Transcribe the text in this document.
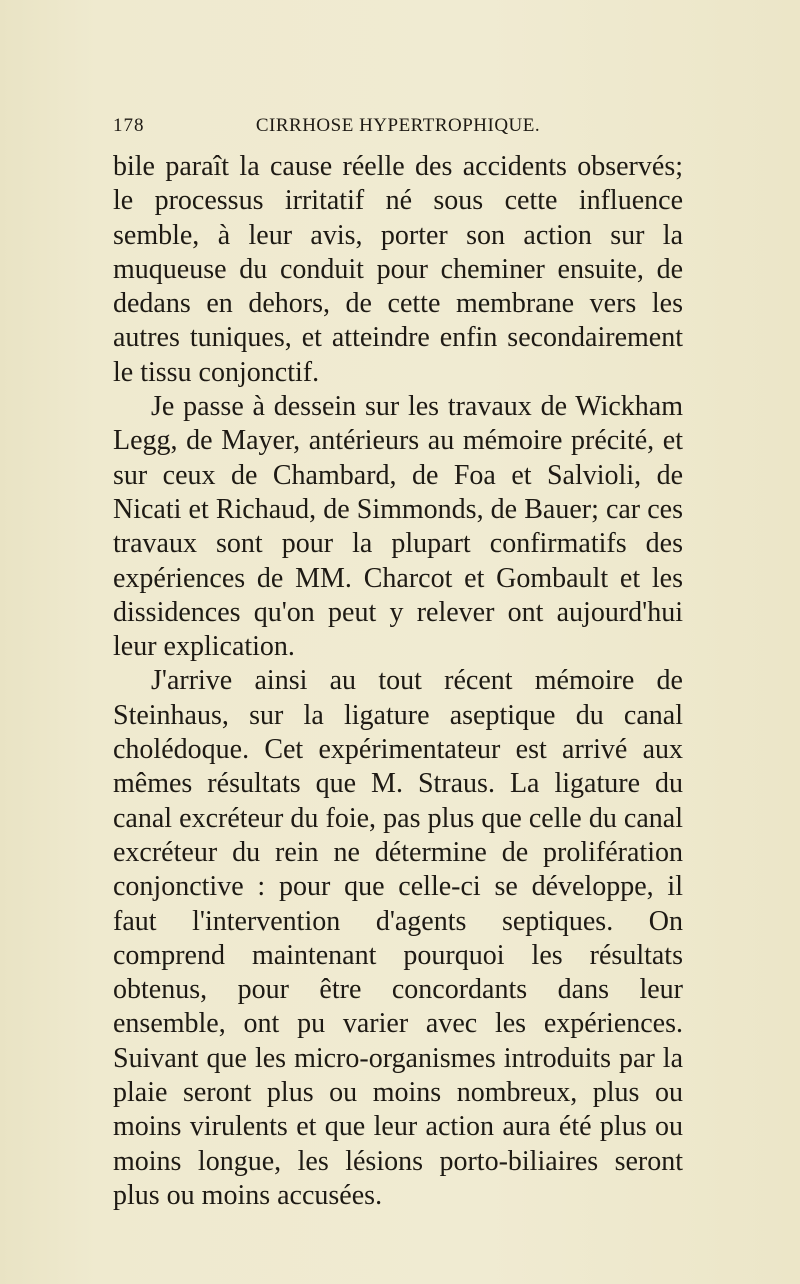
178	CIRRHOSE HYPERTROPHIQUE.

bile paraît la cause réelle des accidents observés; le processus irritatif né sous cette influence semble, à leur avis, porter son action sur la muqueuse du conduit pour cheminer ensuite, de dedans en dehors, de cette membrane vers les autres tuniques, et atteindre enfin secondairement le tissu conjonctif.

Je passe à dessein sur les travaux de Wickham Legg, de Mayer, antérieurs au mémoire précité, et sur ceux de Chambard, de Foa et Salvioli, de Nicati et Richaud, de Simmonds, de Bauer; car ces travaux sont pour la plupart confirmatifs des expériences de MM. Charcot et Gombault et les dissidences qu'on peut y relever ont aujourd'hui leur explication.

J'arrive ainsi au tout récent mémoire de Steinhaus, sur la ligature aseptique du canal cholédoque. Cet expérimentateur est arrivé aux mêmes résultats que M. Straus. La ligature du canal excréteur du foie, pas plus que celle du canal excréteur du rein ne détermine de prolifération conjonctive : pour que celle-ci se développe, il faut l'intervention d'agents septiques. On comprend maintenant pourquoi les résultats obtenus, pour être concordants dans leur ensemble, ont pu varier avec les expériences. Suivant que les micro-organismes introduits par la plaie seront plus ou moins nombreux, plus ou moins virulents et que leur action aura été plus ou moins longue, les lésions porto-biliaires seront plus ou moins accusées.
